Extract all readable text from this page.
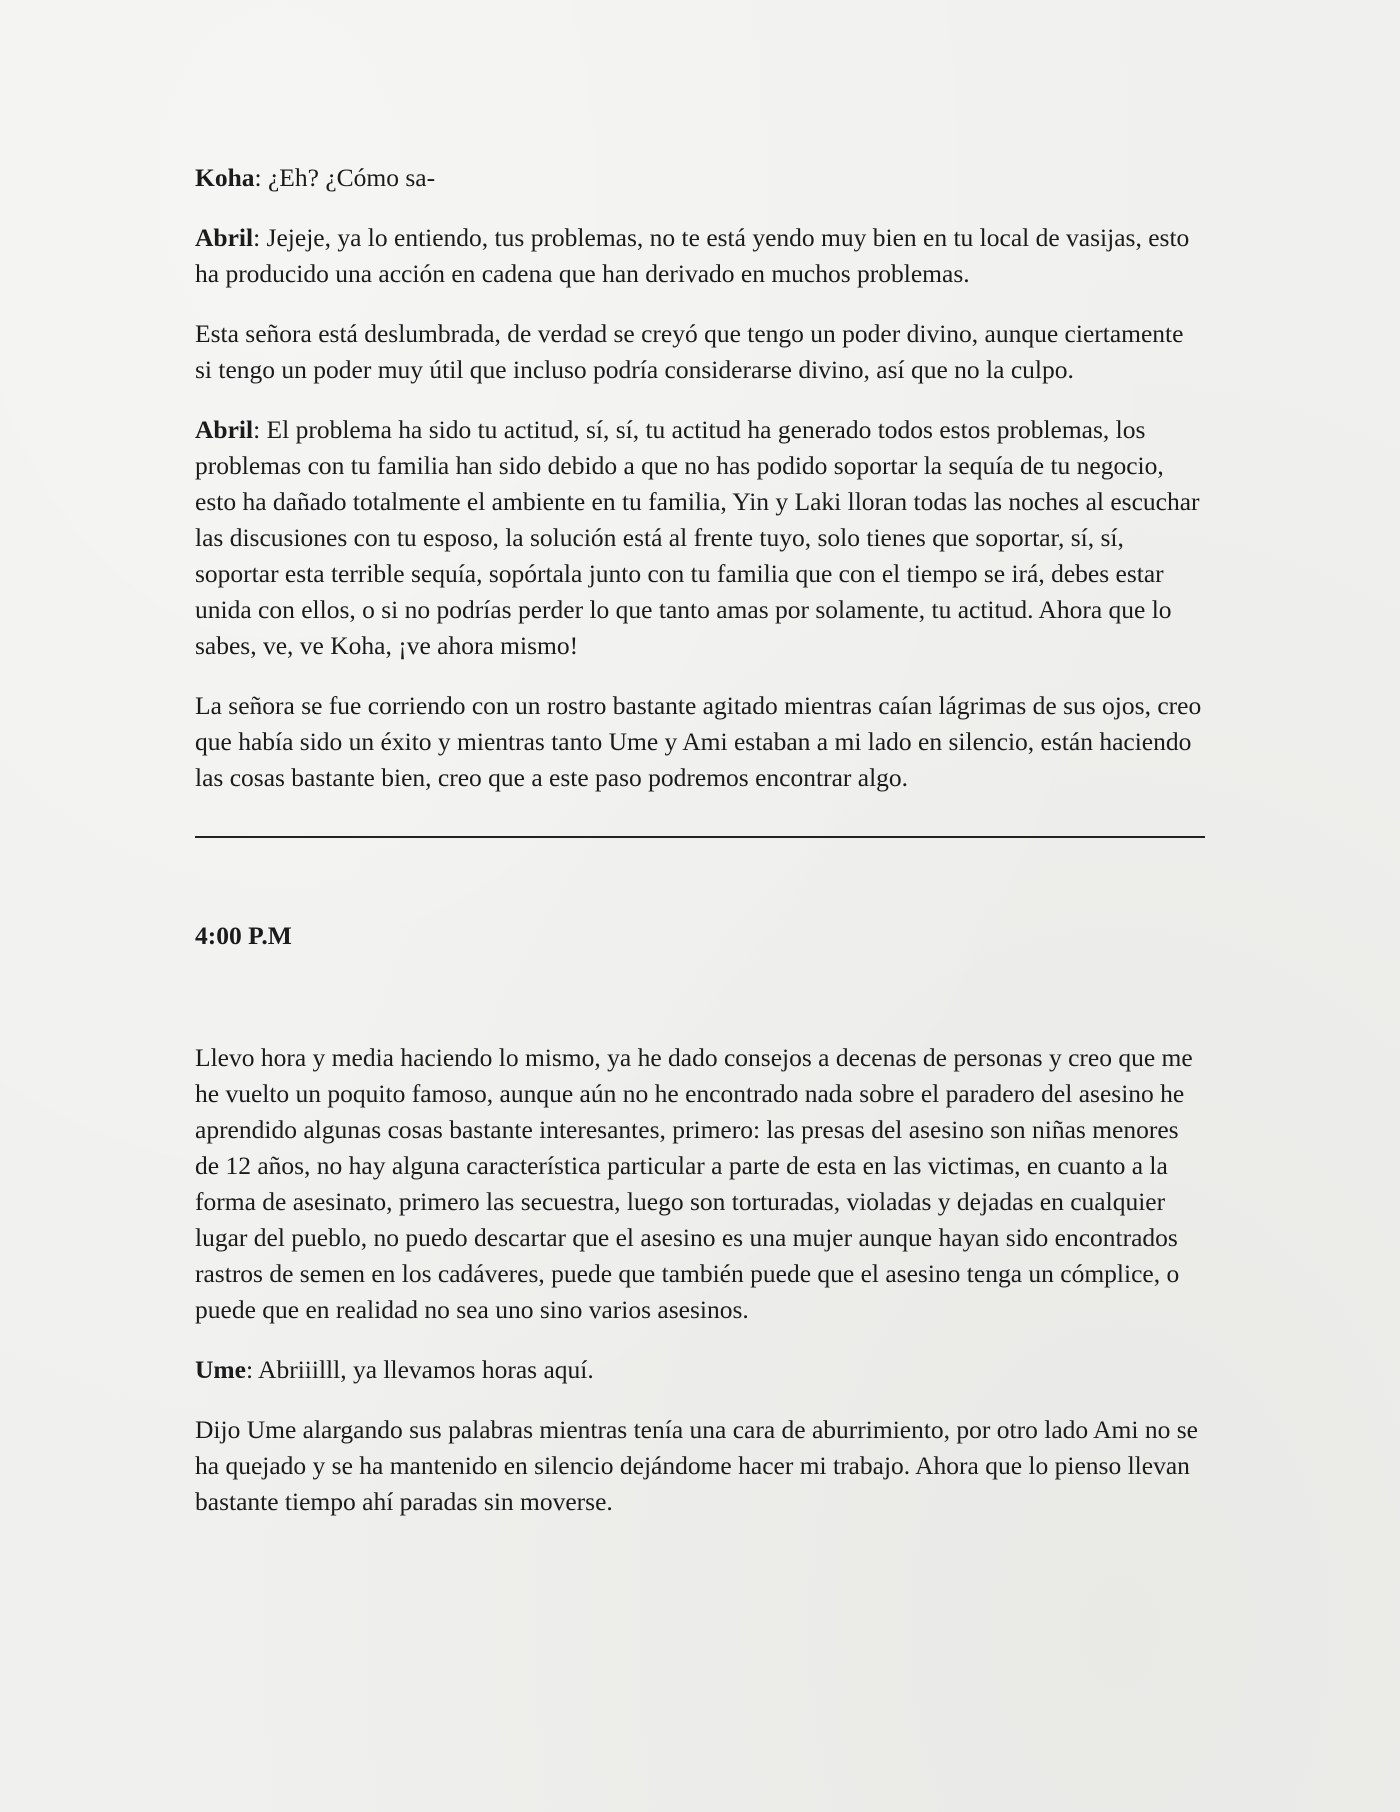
Koha: ¿Eh? ¿Cómo sa-

Abril: Jejeje, ya lo entiendo, tus problemas, no te está yendo muy bien en tu local de vasijas, esto ha producido una acción en cadena que han derivado en muchos problemas.

Esta señora está deslumbrada, de verdad se creyó que tengo un poder divino, aunque ciertamente si tengo un poder muy útil que incluso podría considerarse divino, así que no la culpo.

Abril: El problema ha sido tu actitud, sí, sí, tu actitud ha generado todos estos problemas, los problemas con tu familia han sido debido a que no has podido soportar la sequía de tu negocio, esto ha dañado totalmente el ambiente en tu familia, Yin y Laki lloran todas las noches al escuchar las discusiones con tu esposo, la solución está al frente tuyo, solo tienes que soportar, sí, sí, soportar esta terrible sequía, sopórtala junto con tu familia que con el tiempo se irá, debes estar unida con ellos, o si no podrías perder lo que tanto amas por solamente, tu actitud. Ahora que lo sabes, ve, ve Koha, ¡ve ahora mismo!

La señora se fue corriendo con un rostro bastante agitado mientras caían lágrimas de sus ojos, creo que había sido un éxito y mientras tanto Ume y Ami estaban a mi lado en silencio, están haciendo las cosas bastante bien, creo que a este paso podremos encontrar algo.

4:00 P.M

Llevo hora y media haciendo lo mismo, ya he dado consejos a decenas de personas y creo que me he vuelto un poquito famoso, aunque aún no he encontrado nada sobre el paradero del asesino he aprendido algunas cosas bastante interesantes, primero: las presas del asesino son niñas menores de 12 años, no hay alguna característica particular a parte de esta en las victimas, en cuanto a la forma de asesinato, primero las secuestra, luego son torturadas, violadas y dejadas en cualquier lugar del pueblo, no puedo descartar que el asesino es una mujer aunque hayan sido encontrados rastros de semen en los cadáveres, puede que también puede que el asesino tenga un cómplice, o puede que en realidad no sea uno sino varios asesinos.

Ume: Abriiilll, ya llevamos horas aquí.

Dijo Ume alargando sus palabras mientras tenía una cara de aburrimiento, por otro lado Ami no se ha quejado y se ha mantenido en silencio dejándome hacer mi trabajo. Ahora que lo pienso llevan bastante tiempo ahí paradas sin moverse.
